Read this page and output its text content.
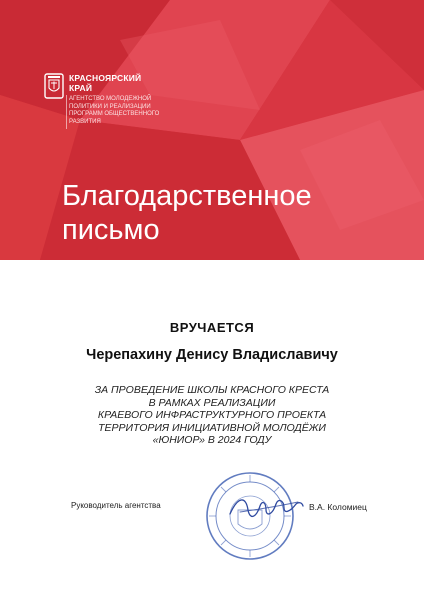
КРАСНОЯРСКИЙ
КРАЙ
АГЕНТСТВО МОЛОДЕЖНОЙ
ПОЛИТИКИ И РЕАЛИЗАЦИИ
ПРОГРАММ ОБЩЕСТВЕННОГО
РАЗВИТИЯ
Благодарственное
письмо
ВРУЧАЕТСЯ
Черепахину Денису Владиславичу
ЗА ПРОВЕДЕНИЕ ШКОЛЫ КРАСНОГО КРЕСТА
В РАМКАХ РЕАЛИЗАЦИИ
КРАЕВОГО ИНФРАСТРУКТУРНОГО ПРОЕКТА
ТЕРРИТОРИЯ ИНИЦИАТИВНОЙ МОЛОДЁЖИ
«ЮНИОР» В 2024 ГОДУ
Руководитель агентства	В.А. Коломиец
